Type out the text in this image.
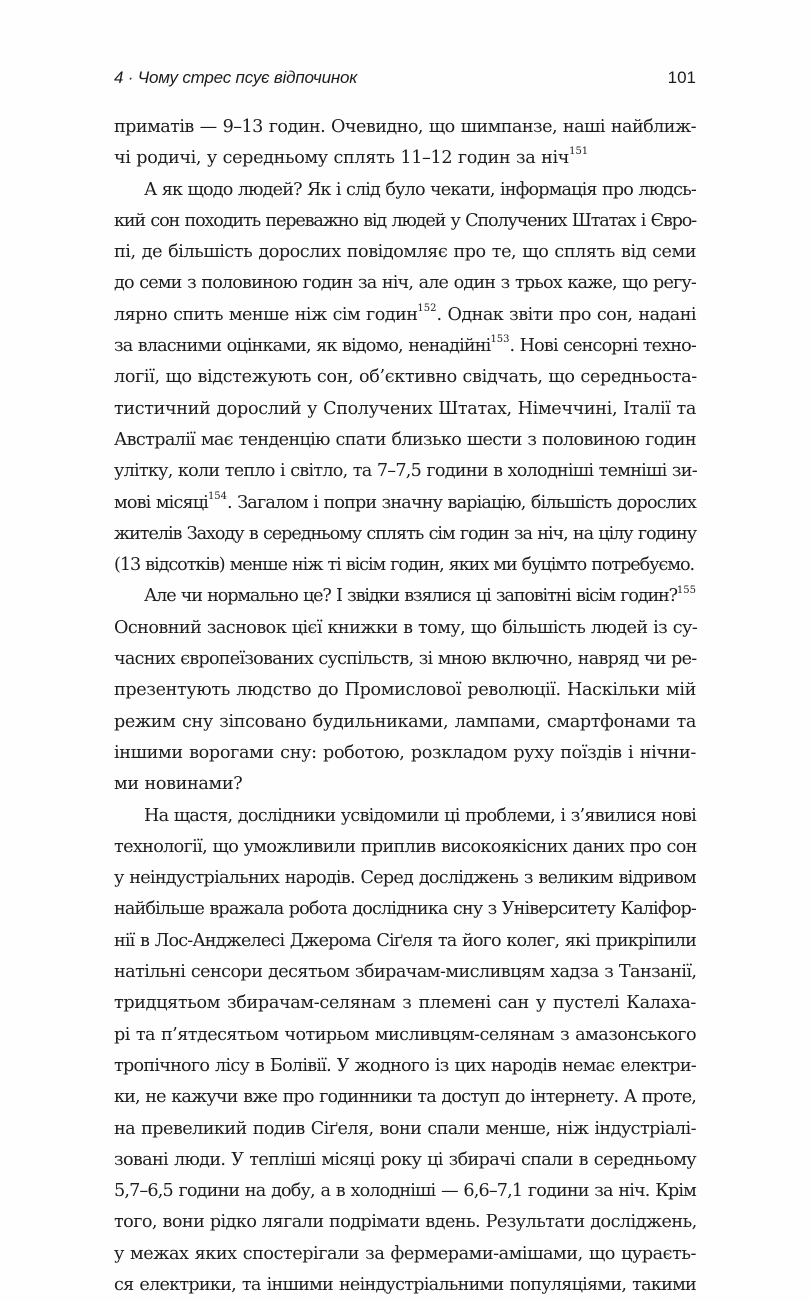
4 · Чому стрес псує відпочинок	101
приматів — 9–13 годин. Очевидно, що шимпанзе, наші найближ-
чі родичі, у середньому сплять 11–12 годин за ніч$^{151}$
А як щодо людей? Як і слід було чекати, інформація про людсь-
кий сон походить переважно від людей у Сполучених Штатах і Євро-
пі, де більшість дорослих повідомляє про те, що сплять від семи
до семи з половиною годин за ніч, але один з трьох каже, що регу-
лярно спить менше ніж сім годин$^{152}$. Однак звіти про сон, надані
за власними оцінками, як відомо, ненадійні$^{153}$. Нові сенсорні техно-
логії, що відстежують сон, об’єктивно свідчать, що середньоста-
тистичний дорослий у Сполучених Штатах, Німеччині, Італії та
Австралії має тенденцію спати близько шести з половиною годин
улітку, коли тепло і світло, та 7–7,5 години в холодніші темніші зи-
мові місяці$^{154}$. Загалом і попри значну варіацію, більшість дорослих
жителів Заходу в середньому сплять сім годин за ніч, на цілу годину
(13 відсотків) менше ніж ті вісім годин, яких ми буцімто потребуємо.
Але чи нормально це? І звідки взялися ці заповітні вісім годин?$^{155}$
Основний засновок цієї книжки в тому, що більшість людей із су-
часних європеїзованих суспільств, зі мною включно, навряд чи ре-
презентують людство до Промислової революції. Наскільки мій
режим сну зіпсовано будильниками, лампами, смартфонами та
іншими ворогами сну: роботою, розкладом руху поїздів і нічни-
ми новинами?
На щастя, дослідники усвідомили ці проблеми, і з’явилися нові
технології, що уможливили приплив високоякісних даних про сон
у неіндустріальних народів. Серед досліджень з великим відривом
найбільше вражала робота дослідника сну з Університету Каліфор-
нії в Лос-Анджелесі Джерома Сіґеля та його колег, які прикріпили
натільні сенсори десятьом збирачам-мисливцям хадза з Танзанії,
тридцятьом збирачам-селянам з племені сан у пустелі Калаха-
рі та п’ятдесятьом чотирьом мисливцям-селянам з амазонського
тропічного лісу в Болівії. У жодного із цих народів немає електри-
ки, не кажучи вже про годинники та доступ до інтернету. А проте,
на превеликий подив Сіґеля, вони спали менше, ніж індустріалі-
зовані люди. У тепліші місяці року ці збирачі спали в середньому
5,7–6,5 години на добу, а в холодніші — 6,6–7,1 години за ніч. Крім
того, вони рідко лягали подрімати вдень. Результати досліджень,
у межах яких спостерігали за фермерами-амішами, що цураєть-
ся електрики, та іншими неіндустріальними популяціями, такими
